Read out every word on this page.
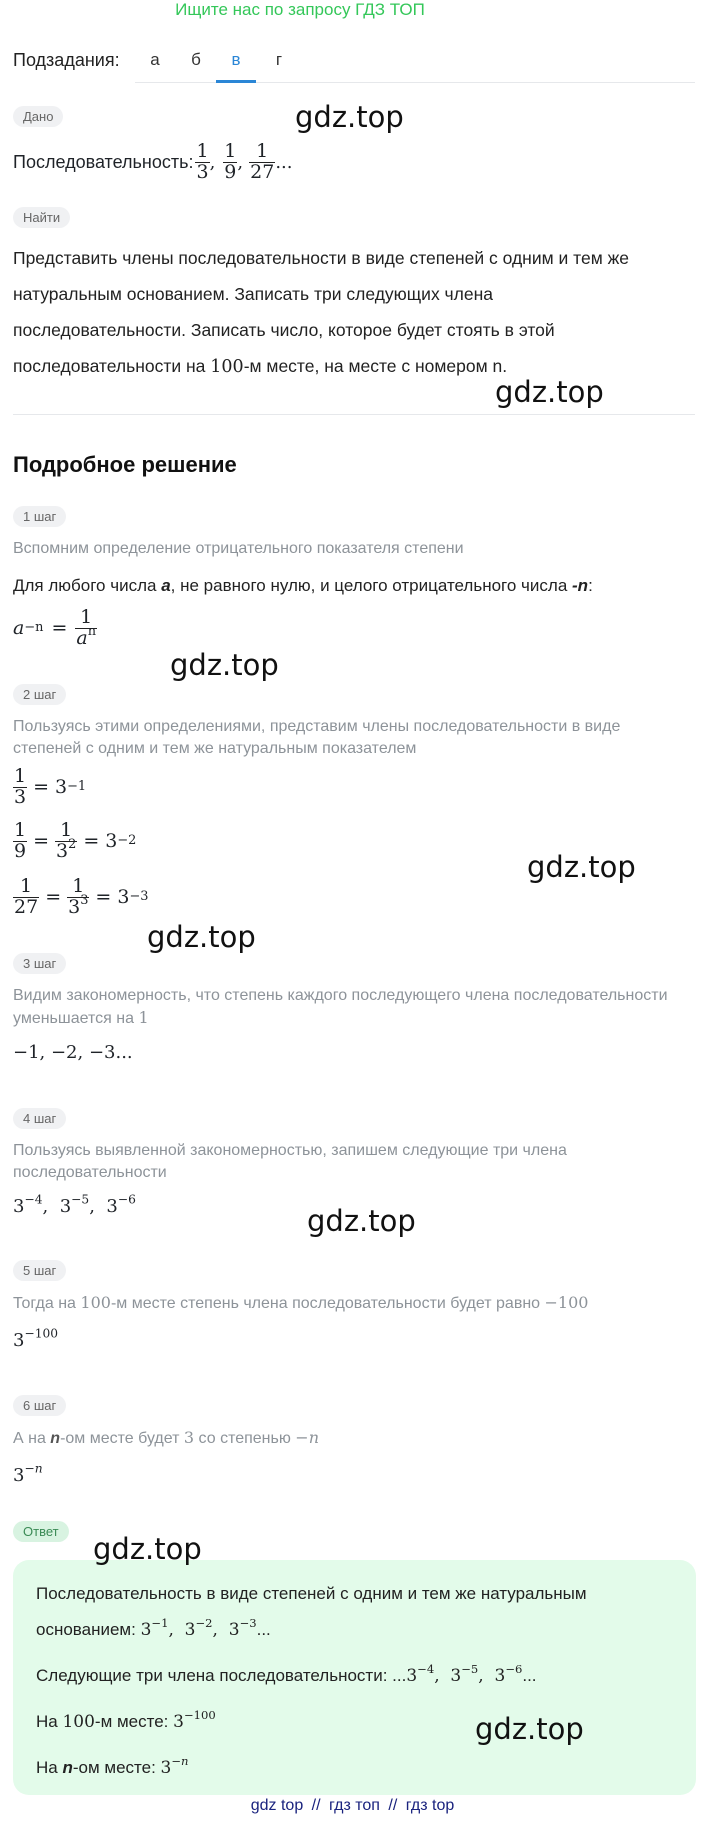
Ищите нас по запросу ГДЗ ТОП
Подзадания:	а	б	в	г
Дано
Последовательность: $\frac{1}{3}$ , $\frac{1}{9}$ , $\frac{1}{27}$ ...
Найти
Представить члены последовательности в виде степеней с одним и тем же
натуральным основанием. Записать три следующих члена
последовательности. Записать число, которое будет стоять в этой
последовательности на 100-м месте, на месте с номером n.
Подробное решение
1 шаг
Вспомним определение отрицательного показателя степени
Для любого числа a, не равного нулю, и целого отрицательного числа -n:
$a -n = \frac{1}{a^n}$
2 шаг
Пользуясь этими определениями, представим члены последовательности в виде
степеней с одним и тем же натуральным показателем
$\frac{1}{3} = 3 -1$
$\frac{1}{9} = \frac{1}{3^2} = 3 -2$
$\frac{1}{27} = \frac{1}{3^3} = 3 -3$
3 шаг
Видим закономерность, что степень каждого последующего члена последовательности
уменьшается на 1
−1, −2, −3...
4 шаг
Пользуясь выявленной закономерностью, запишем следующие три члена
последовательности
$3^{-4}$, $3^{-5}$, $3^{-6}$
5 шаг
Тогда на 100-м месте степень члена последовательности будет равно −100
$3^{-100}$
6 шаг
А на n-ом месте будет 3 со степенью −n
$3^{-n}$
Ответ
Последовательность в виде степеней с одним и тем же натуральным
основанием: $3^{-1}$, $3^{-2}$, $3^{-3}$...
Следующие три члена последовательности: $...3^{-4}$, $3^{-5}$, $3^{-6}$...
На 100-м месте: $3^{-100}$
На n-ом месте: $3^{-n}$
gdz.top
gdz.top
gdz.top
gdz.top
gdz.top
gdz.top
gdz.top
gdz.top
gdz top // гдз топ // гдз top
